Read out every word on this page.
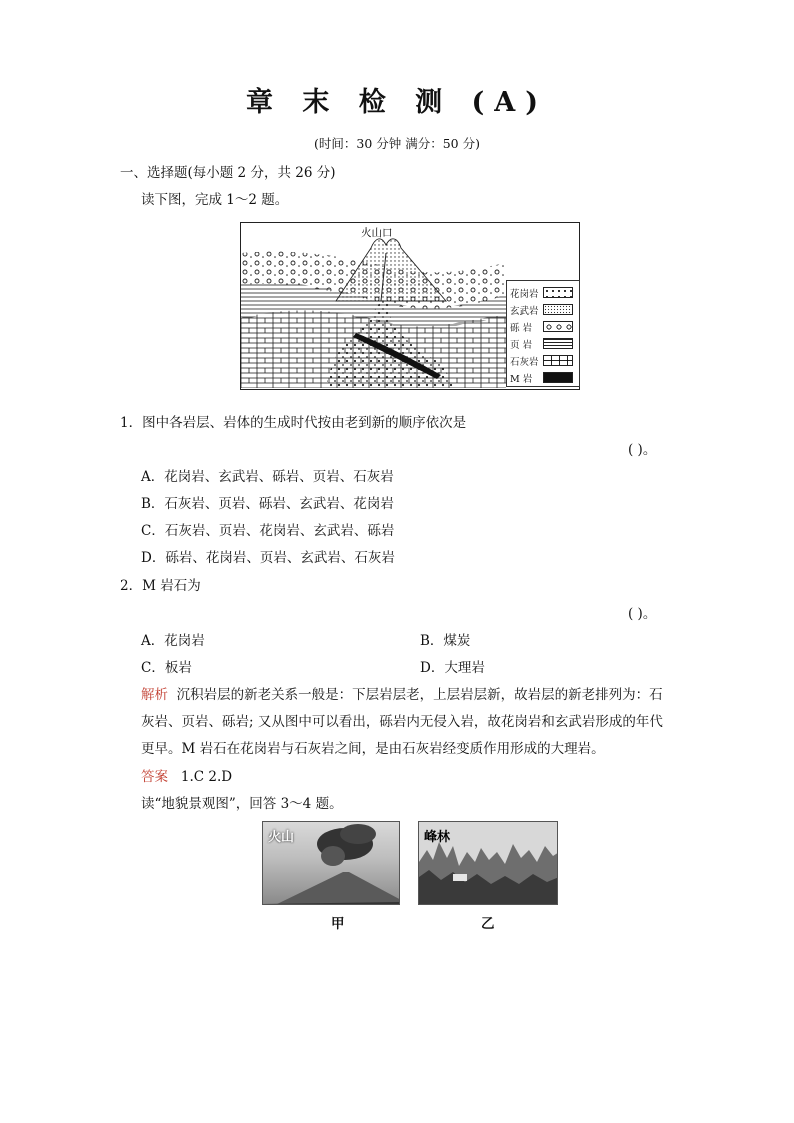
章 末 检 测 (A)
(时间：30 分钟 满分：50 分)
一、选择题(每小题 2 分，共 26 分)
读下图，完成 1～2 题。
火山口
花岗岩
玄武岩
砾 岩
页 岩
石灰岩
M 岩
1．图中各岩层、岩体的生成时代按由老到新的顺序依次是
( )。
A．花岗岩、玄武岩、砾岩、页岩、石灰岩
B．石灰岩、页岩、砾岩、玄武岩、花岗岩
C．石灰岩、页岩、花岗岩、玄武岩、砾岩
D．砾岩、花岗岩、页岩、玄武岩、石灰岩
2．M 岩石为
( )。
A．花岗岩	B．煤炭
C．板岩	D．大理岩
解析 沉积岩层的新老关系一般是：下层岩层老，上层岩层新，故岩层的新老排列为：石
灰岩、页岩、砾岩; 又从图中可以看出，砾岩内无侵入岩，故花岗岩和玄武岩形成的年代
更早。M 岩石在花岗岩与石灰岩之间，是由石灰岩经变质作用形成的大理岩。
答案 1.C 2.D
读“地貌景观图”，回答 3～4 题。
火山
甲
峰林
乙
